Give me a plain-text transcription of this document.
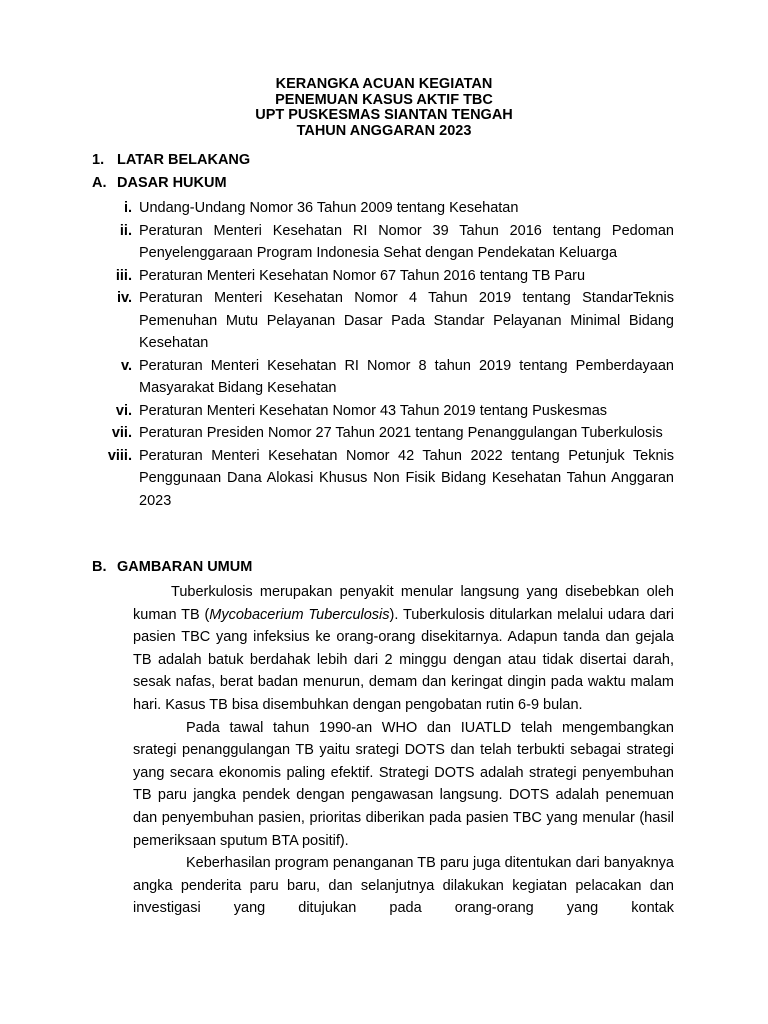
KERANGKA ACUAN KEGIATAN
PENEMUAN KASUS AKTIF TBC
UPT PUSKESMAS SIANTAN TENGAH
TAHUN ANGGARAN 2023
1. LATAR BELAKANG
A. DASAR HUKUM
i. Undang-Undang Nomor 36 Tahun 2009 tentang Kesehatan
ii. Peraturan Menteri Kesehatan RI Nomor 39 Tahun 2016 tentang Pedoman Penyelenggaraan Program Indonesia Sehat dengan Pendekatan Keluarga
iii. Peraturan Menteri Kesehatan Nomor 67 Tahun 2016 tentang TB Paru
iv. Peraturan Menteri Kesehatan Nomor 4 Tahun 2019 tentang StandarTeknis Pemenuhan Mutu Pelayanan Dasar Pada Standar Pelayanan Minimal Bidang Kesehatan
v. Peraturan Menteri Kesehatan RI Nomor 8 tahun 2019 tentang Pemberdayaan Masyarakat Bidang Kesehatan
vi. Peraturan Menteri Kesehatan Nomor 43 Tahun 2019 tentang Puskesmas
vii. Peraturan Presiden Nomor 27 Tahun 2021 tentang Penanggulangan Tuberkulosis
viii. Peraturan Menteri Kesehatan Nomor 42 Tahun 2022 tentang Petunjuk Teknis Penggunaan Dana Alokasi Khusus Non Fisik Bidang Kesehatan Tahun Anggaran 2023
B. GAMBARAN UMUM

Tuberkulosis merupakan penyakit menular langsung yang disebebkan oleh kuman TB (Mycobacerium Tuberculosis). Tuberkulosis ditularkan melalui udara dari pasien TBC yang infeksius ke orang-orang disekitarnya. Adapun tanda dan gejala TB adalah batuk berdahak lebih dari 2 minggu dengan atau tidak disertai darah, sesak nafas, berat badan menurun, demam dan keringat dingin pada waktu malam hari. Kasus TB bisa disembuhkan dengan pengobatan rutin 6-9 bulan.

Pada tawal tahun 1990-an WHO dan IUATLD telah mengembangkan srategi penanggulangan TB yaitu srategi DOTS dan telah terbukti sebagai strategi yang secara ekonomis paling efektif. Strategi DOTS adalah strategi penyembuhan TB paru jangka pendek dengan pengawasan langsung. DOTS adalah penemuan dan penyembuhan pasien, prioritas diberikan pada pasien TBC yang menular (hasil pemeriksaan sputum BTA positif).

Keberhasilan program penanganan TB paru juga ditentukan dari banyaknya angka penderita paru baru, dan selanjutnya dilakukan kegiatan pelacakan dan investigasi yang ditujukan pada orang-orang yang kontak
